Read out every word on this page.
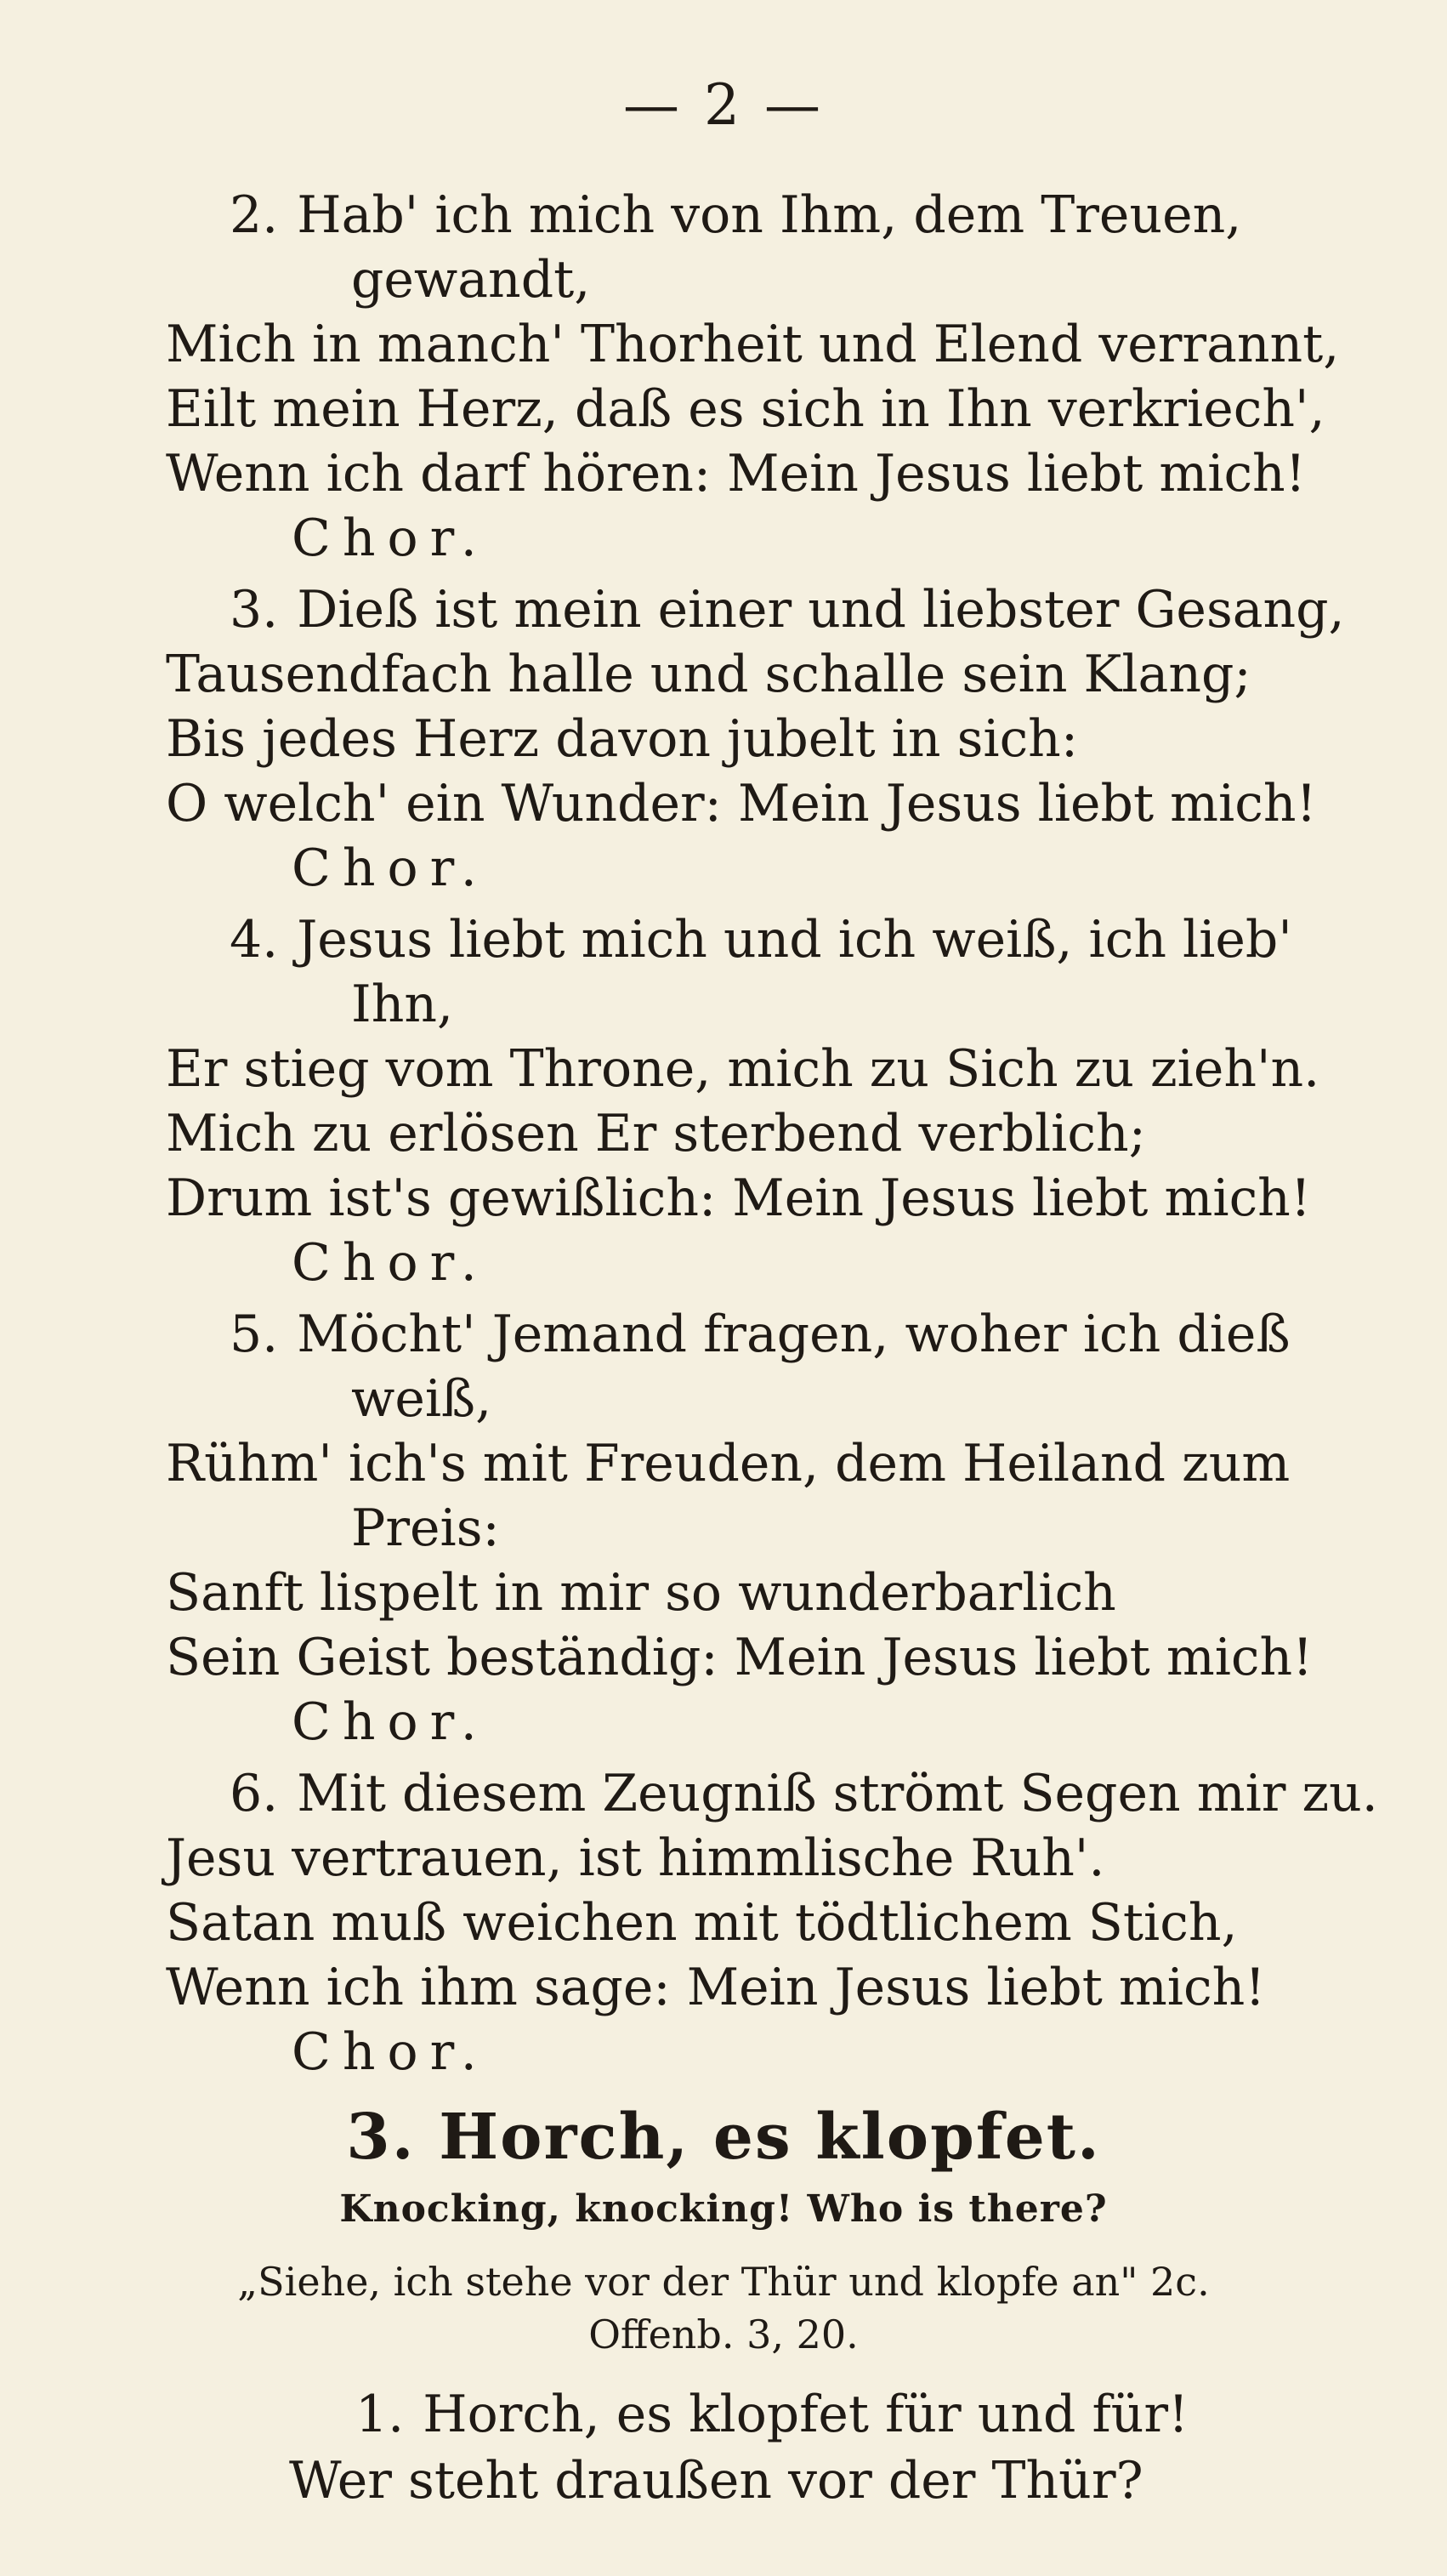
— 2 —
2. Hab' ich mich von Ihm, dem Treuen,
gewandt,
Mich in manch' Thorheit und Elend verrannt,
Eilt mein Herz, daß es sich in Ihn verkriech',
Wenn ich darf hören: Mein Jesus liebt mich!
Chor.
3. Dieß ist mein einer und liebster Gesang,
Tausendfach halle und schalle sein Klang;
Bis jedes Herz davon jubelt in sich:
O welch' ein Wunder: Mein Jesus liebt mich!
Chor.
4. Jesus liebt mich und ich weiß, ich lieb'
Ihn,
Er stieg vom Throne, mich zu Sich zu zieh'n.
Mich zu erlösen Er sterbend verblich;
Drum ist's gewißlich: Mein Jesus liebt mich!
Chor.
5. Möcht' Jemand fragen, woher ich dieß
weiß,
Rühm' ich's mit Freuden, dem Heiland zum
Preis:
Sanft lispelt in mir so wunderbarlich
Sein Geist beständig: Mein Jesus liebt mich!
Chor.
6. Mit diesem Zeugniß strömt Segen mir zu.
Jesu vertrauen, ist himmlische Ruh'.
Satan muß weichen mit tödtlichem Stich,
Wenn ich ihm sage: Mein Jesus liebt mich!
Chor.
3. Horch, es klopfet.
Knocking, knocking! Who is there?
„Siehe, ich stehe vor der Thür und klopfe an" 2c.
Offenb. 3, 20.
1. Horch, es klopfet für und für!
Wer steht draußen vor der Thür?
